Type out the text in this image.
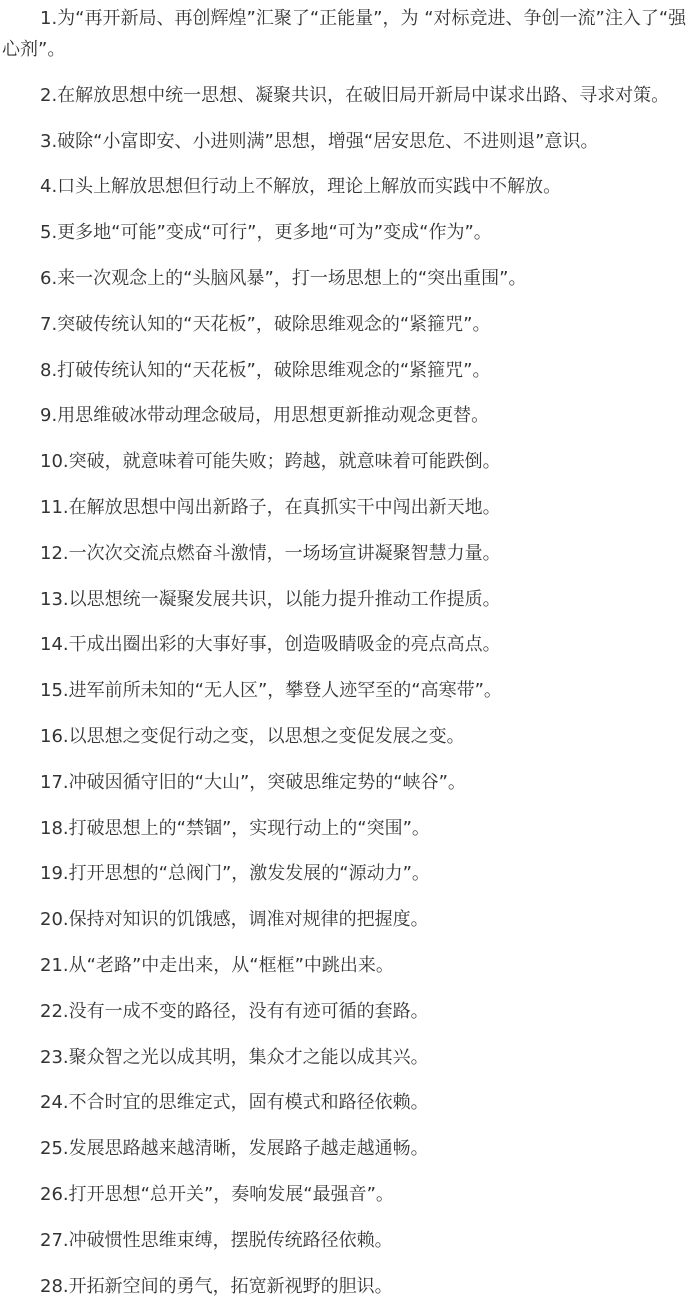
1.为“再开新局、再创辉煌”汇聚了“正能量”，为 “对标竞进、争创一流”注入了“强心剂”。

2.在解放思想中统一思想、凝聚共识，在破旧局开新局中谋求出路、寻求对策。

3.破除“小富即安、小进则满”思想，增强“居安思危、不进则退”意识。

4.口头上解放思想但行动上不解放，理论上解放而实践中不解放。

5.更多地“可能”变成“可行”，更多地“可为”变成“作为”。

6.来一次观念上的“头脑风暴”，打一场思想上的“突出重围”。

7.突破传统认知的“天花板”，破除思维观念的“紧箍咒”。

8.打破传统认知的“天花板”，破除思维观念的“紧箍咒”。

9.用思维破冰带动理念破局，用思想更新推动观念更替。

10.突破，就意味着可能失败；跨越，就意味着可能跌倒。

11.在解放思想中闯出新路子，在真抓实干中闯出新天地。

12.一次次交流点燃奋斗激情，一场场宣讲凝聚智慧力量。

13.以思想统一凝聚发展共识，以能力提升推动工作提质。

14.干成出圈出彩的大事好事，创造吸睛吸金的亮点高点。

15.进军前所未知的“无人区”，攀登人迹罕至的“高寒带”。

16.以思想之变促行动之变，以思想之变促发展之变。

17.冲破因循守旧的“大山”，突破思维定势的“峡谷”。

18.打破思想上的“禁锢”，实现行动上的“突围”。

19.打开思想的“总阀门”，激发发展的“源动力”。

20.保持对知识的饥饿感，调准对规律的把握度。

21.从“老路”中走出来，从“框框”中跳出来。

22.没有一成不变的路径，没有有迹可循的套路。

23.聚众智之光以成其明，集众才之能以成其兴。

24.不合时宜的思维定式，固有模式和路径依赖。

25.发展思路越来越清晰，发展路子越走越通畅。

26.打开思想“总开关”，奏响发展“最强音”。

27.冲破惯性思维束缚，摆脱传统路径依赖。

28.开拓新空间的勇气，拓宽新视野的胆识。
